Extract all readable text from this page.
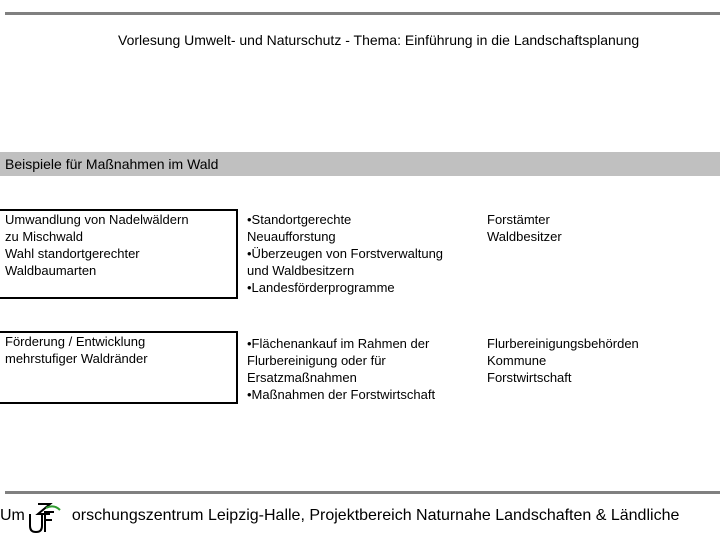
Vorlesung Umwelt- und Naturschutz - Thema: Einführung in die Landschaftsplanung
Beispiele für Maßnahmen im Wald
Umwandlung von Nadelwäldern
zu Mischwald
Wahl standortgerechter
Waldbaumarten
•Standortgerechte
Neuaufforstung
•Überzeugen von Forstverwaltung
und Waldbesitzern
•Landesförderprogramme
Forstämter
Waldbesitzer
Förderung / Entwicklung
mehrstufiger Waldränder
•Flächenankauf im Rahmen der
Flurbereinigung oder für
Ersatzmaßnahmen
•Maßnahmen der Forstwirtschaft
Flurbereinigungsbehörden
Kommune
Forstwirtschaft
Um	orschungszentrum Leipzig-Halle, Projektbereich Naturnahe Landschaften & Ländliche
